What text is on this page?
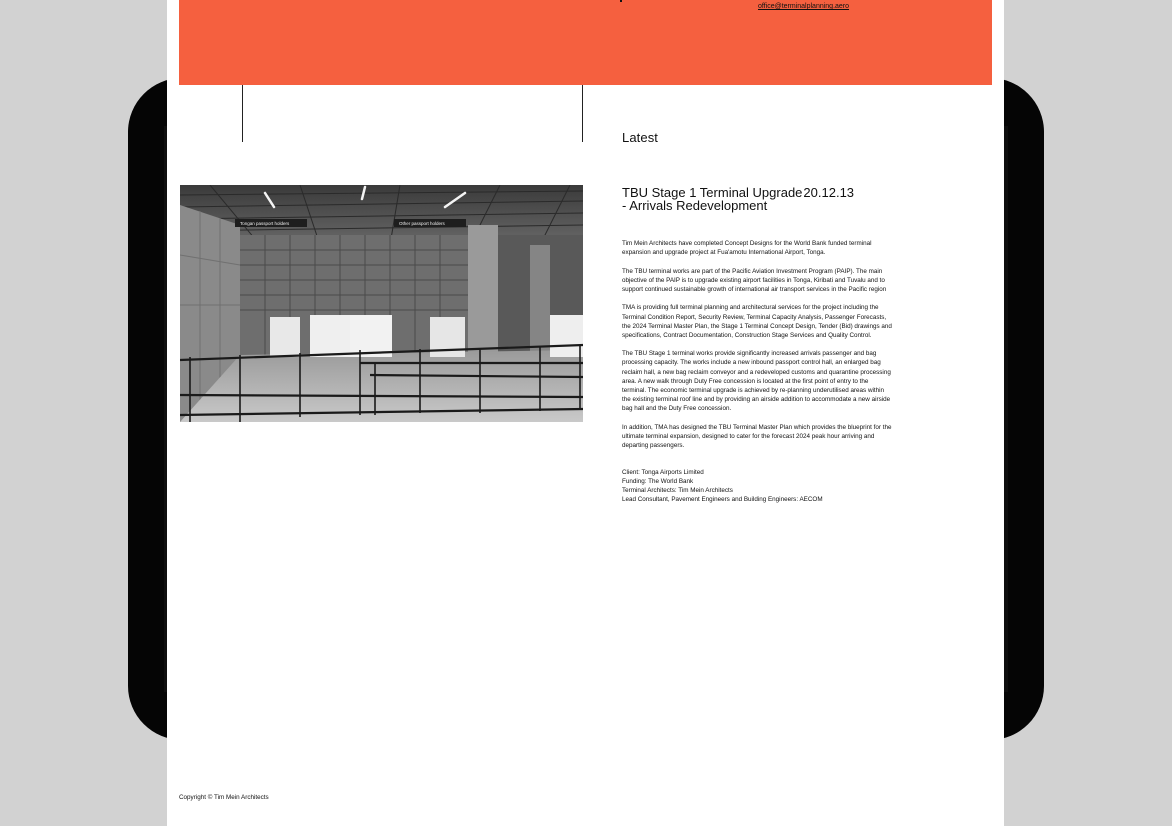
office@terminalplanning.aero
Latest
Tongan passport holders	Other passport holders
TBU Stage 1 Terminal Upgrade 20.12.13
- Arrivals Redevelopment

Tim Mein Architects have completed Concept Designs for the World Bank funded terminal expansion and upgrade project at Fua'amotu International Airport, Tonga.

The TBU terminal works are part of the Pacific Aviation Investment Program (PAIP). The main objective of the PAIP is to upgrade existing airport facilities in Tonga, Kiribati and Tuvalu and to support continued sustainable growth of international air transport services in the Pacific region

TMA is providing full terminal planning and architectural services for the project including the Terminal Condition Report, Security Review, Terminal Capacity Analysis, Passenger Forecasts, the 2024 Terminal Master Plan, the Stage 1 Terminal Concept Design, Tender (Bid) drawings and specifications, Contract Documentation, Construction Stage Services and Quality Control.

The TBU Stage 1 terminal works provide significantly increased arrivals passenger and bag processing capacity. The works include a new inbound passport control hall, an enlarged bag reclaim hall, a new bag reclaim conveyor and a redeveloped customs and quarantine processing area. A new walk through Duty Free concession is located at the first point of entry to the terminal. The economic terminal upgrade is achieved by re-planning underutilised areas within the existing terminal roof line and by providing an airside addition to accommodate a new airside bag hall and the Duty Free concession.

In addition, TMA has designed the TBU Terminal Master Plan which provides the blueprint for the ultimate terminal expansion, designed to cater for the forecast 2024 peak hour arriving and departing passengers.

Client: Tonga Airports Limited
Funding: The World Bank
Terminal Architects: Tim Mein Architects
Lead Consultant, Pavement Engineers and Building Engineers: AECOM
Copyright © Tim Mein Architects
